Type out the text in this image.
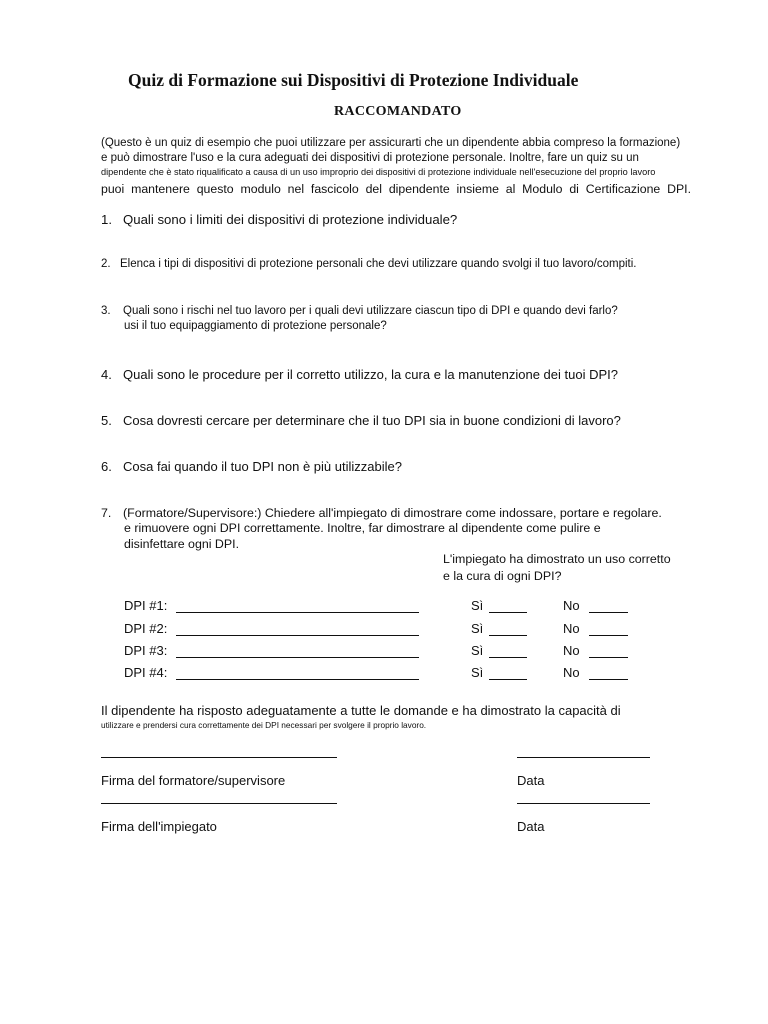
Quiz di Formazione sui Dispositivi di Protezione Individuale
RACCOMANDATO
(Questo è un quiz di esempio che puoi utilizzare per assicurarti che un dipendente abbia compreso la formazione)
e può dimostrare l'uso e la cura adeguati dei dispositivi di protezione personale. Inoltre, fare un quiz su un
dipendente che è stato riqualificato a causa di un uso improprio dei dispositivi di protezione individuale nell'esecuzione del proprio lavoro
puoi mantenere questo modulo nel fascicolo del dipendente insieme al Modulo di Certificazione DPI.
1. Quali sono i limiti dei dispositivi di protezione individuale?
2. Elenca i tipi di dispositivi di protezione personali che devi utilizzare quando svolgi il tuo lavoro/compiti.
3. Quali sono i rischi nel tuo lavoro per i quali devi utilizzare ciascun tipo di DPI e quando devi farlo?
usi il tuo equipaggiamento di protezione personale?
4. Quali sono le procedure per il corretto utilizzo, la cura e la manutenzione dei tuoi DPI?
5. Cosa dovresti cercare per determinare che il tuo DPI sia in buone condizioni di lavoro?
6. Cosa fai quando il tuo DPI non è più utilizzabile?
7. (Formatore/Supervisore:) Chiedere all'impiegato di dimostrare come indossare, portare e regolare.
e rimuovere ogni DPI correttamente. Inoltre, far dimostrare al dipendente come pulire e
disinfettare ogni DPI.
L'impiegato ha dimostrato un uso corretto
e la cura di ogni DPI?
DPI #1:	Sì	No
DPI #2:	Sì	No
DPI #3:	Sì	No
DPI #4:	Sì	No
Il dipendente ha risposto adeguatamente a tutte le domande e ha dimostrato la capacità di
utilizzare e prendersi cura correttamente dei DPI necessari per svolgere il proprio lavoro.
Firma del formatore/supervisore	Data
Firma dell'impiegato	Data
